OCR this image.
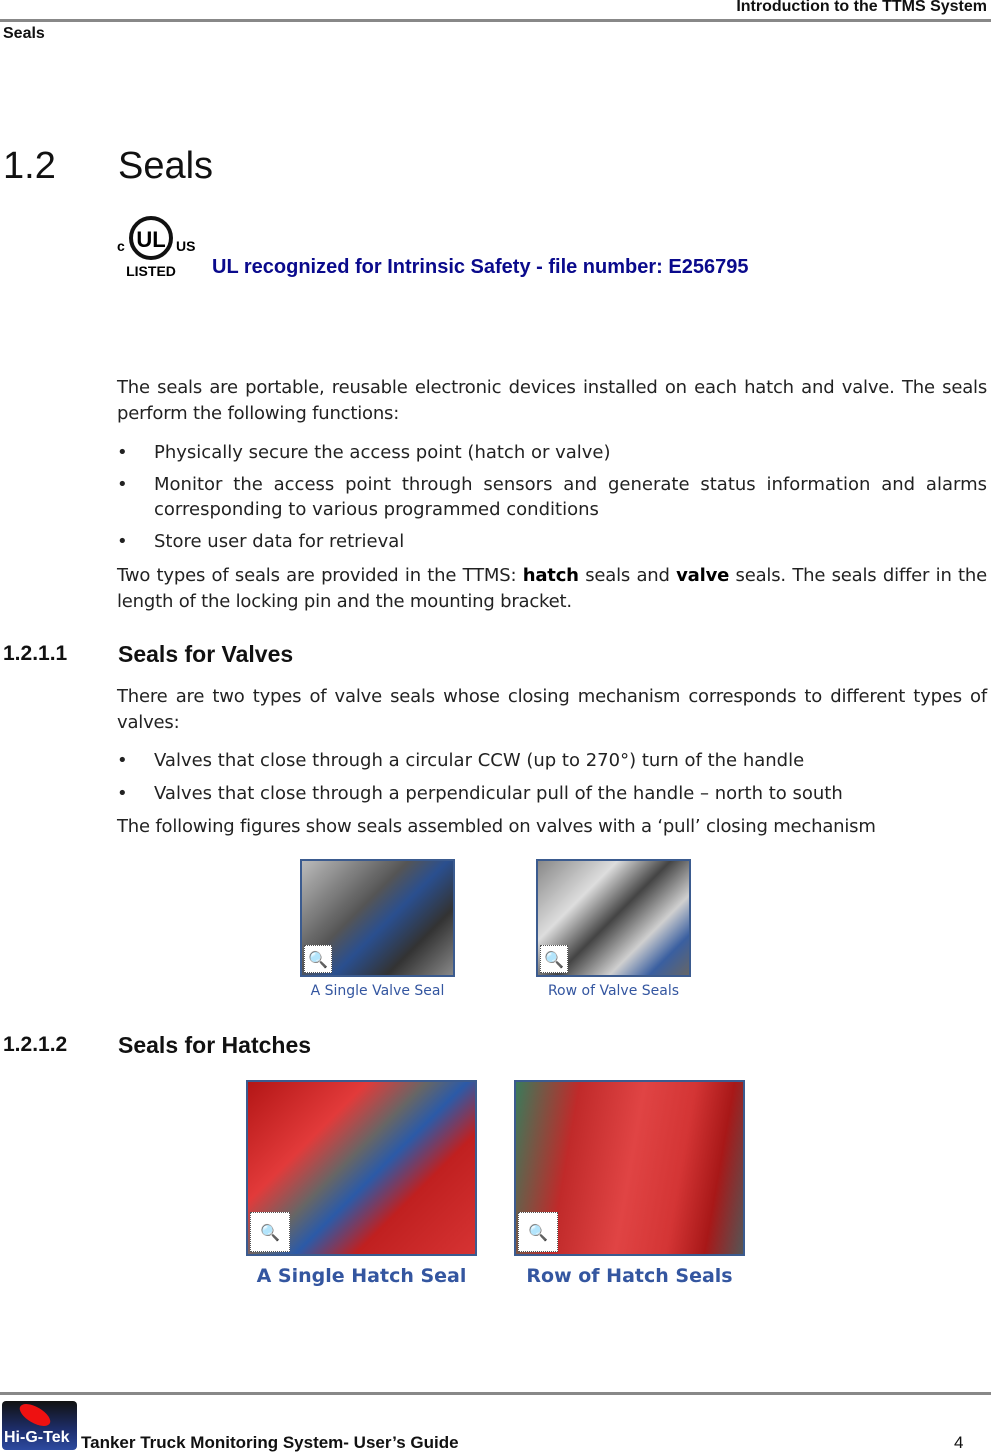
Introduction to the TTMS System
Seals
1.2 Seals
UL
c	US
LISTED UL recognized for Intrinsic Safety - file number: E256795
The seals are portable, reusable electronic devices installed on each hatch and valve. The seals perform the following functions:
• Physically secure the access point (hatch or valve)
• Monitor the access point through sensors and generate status information and alarms corresponding to various programmed conditions
• Store user data for retrieval
Two types of seals are provided in the TTMS: hatch seals and valve seals. The seals differ in the length of the locking pin and the mounting bracket.
1.2.1.1 Seals for Valves
There are two types of valve seals whose closing mechanism corresponds to different types of valves:
• Valves that close through a circular CCW (up to 270°) turn of the handle
• Valves that close through a perpendicular pull of the handle – north to south
The following figures show seals assembled on valves with a ‘pull’ closing mechanism
🔍
A Single Valve Seal
🔍
Row of Valve Seals
1.2.1.2 Seals for Hatches
🔍
A Single Hatch Seal
🔍
Row of Hatch Seals
Hi-G-Tek Tanker Truck Monitoring System- User’s Guide	4
